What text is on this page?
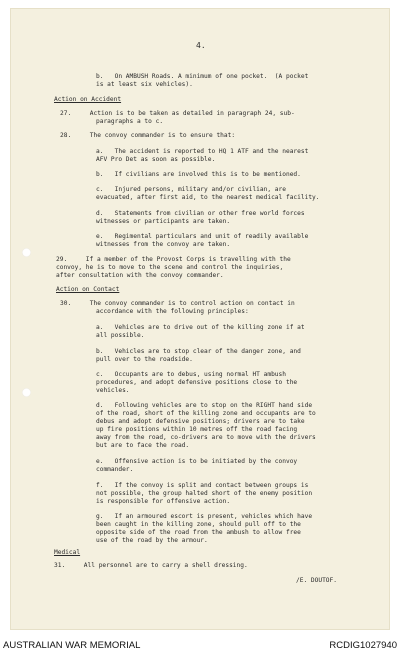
4.
b.   On AMBUSH Roads. A minimum of one pocket.  (A pocket
is at least six vehicles).
Action on Accident
27.     Action is to be taken as detailed in paragraph 24, sub-
paragraphs a to c.
28.     The convoy commander is to ensure that:
a.   The accident is reported to HQ 1 ATF and the nearest
AFV Pro Det as soon as possible.
b.   If civilians are involved this is to be mentioned.
c.   Injured persons, military and/or civilian, are
evacuated, after first aid, to the nearest medical facility.
d.   Statements from civilian or other free world forces
witnesses or participants are taken.
e.   Regimental particulars and unit of readily available
witnesses from the convoy are taken.
29.     If a member of the Provost Corps is travelling with the
convoy, he is to move to the scene and control the inquiries,
after consultation with the convoy commander.
Action on Contact
30.     The convoy commander is to control action on contact in
accordance with the following principles:
a.   Vehicles are to drive out of the killing zone if at
all possible.
b.   Vehicles are to stop clear of the danger zone, and
pull over to the roadside.
c.   Occupants are to debus, using normal HT ambush
procedures, and adopt defensive positions close to the
vehicles.
d.   Following vehicles are to stop on the RIGHT hand side
of the road, short of the killing zone and occupants are to
debus and adopt defensive positions; drivers are to take
up fire positions within 10 metres off the road facing
away from the road, co-drivers are to move with the drivers
but are to face the road.
e.   Offensive action is to be initiated by the convoy
commander.
f.   If the convoy is split and contact between groups is
not possible, the group halted short of the enemy position
is responsible for offensive action.
g.   If an armoured escort is present, vehicles which have
been caught in the killing zone, should pull off to the
opposite side of the road from the ambush to allow free
use of the road by the armour.
Medical
31.     All personnel are to carry a shell dressing.
/E. DOUTOF.
AUSTRALIAN WAR MEMORIAL	RCDIG1027940
